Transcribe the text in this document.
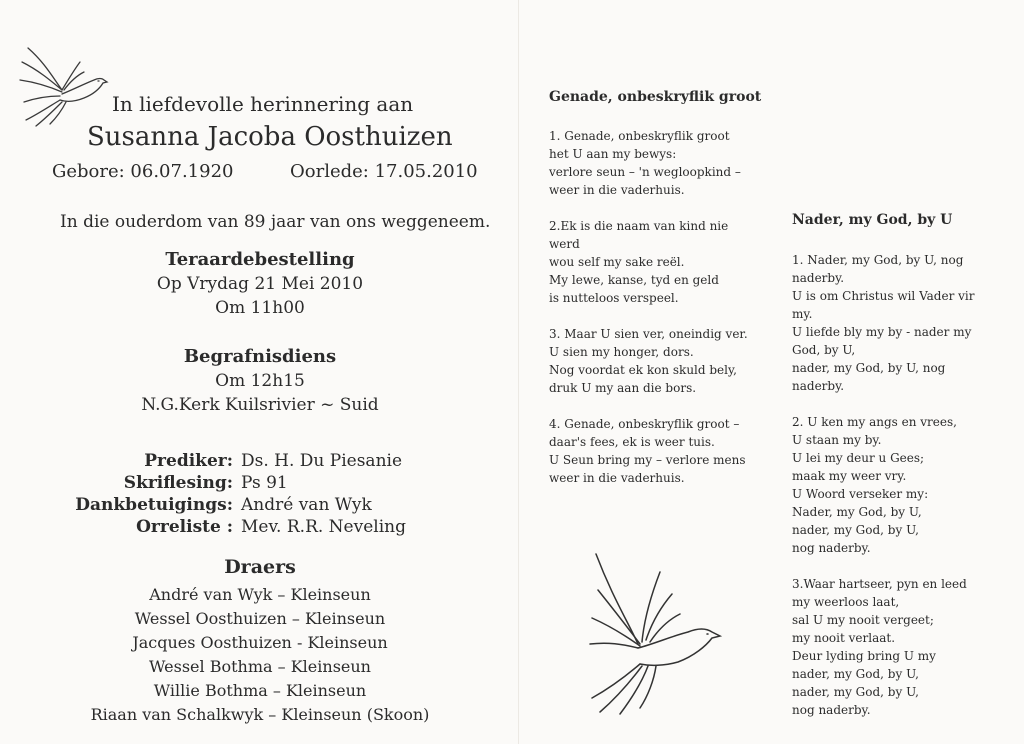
In liefdevolle herinnering aan
Susanna Jacoba Oosthuizen
Gebore: 06.07.1920	Oorlede: 17.05.2010
In die ouderdom van 89 jaar van ons weggeneem.
Teraardebestelling
Op Vrydag 21 Mei 2010
Om 11h00
Begrafnisdiens
Om 12h15
N.G.Kerk Kuilsrivier ~ Suid
Prediker: Ds. H. Du Piesanie
Skriflesing: Ps 91
Dankbetuigings: André van Wyk
Orreliste : Mev. R.R. Neveling
Draers
André van Wyk – Kleinseun
Wessel Oosthuizen – Kleinseun
Jacques Oosthuizen - Kleinseun
Wessel Bothma – Kleinseun
Willie Bothma – Kleinseun
Riaan van Schalkwyk – Kleinseun (Skoon)
Genade, onbeskryflik groot
1. Genade, onbeskryflik groot
het U aan my bewys:
verlore seun – 'n wegloopkind –
weer in die vaderhuis.
2.Ek is die naam van kind nie
werd
wou self my sake reël.
My lewe, kanse, tyd en geld
is nutteloos verspeel.
3. Maar U sien ver, oneindig ver.
U sien my honger, dors.
Nog voordat ek kon skuld bely,
druk U my aan die bors.
4. Genade, onbeskryflik groot –
daar's fees, ek is weer tuis.
U Seun bring my – verlore mens
weer in die vaderhuis.
Nader, my God, by U
1. Nader, my God, by U, nog
naderby.
U is om Christus wil Vader vir
my.
U liefde bly my by - nader my
God, by U,
nader, my God, by U, nog
naderby.
2. U ken my angs en vrees,
U staan my by.
U lei my deur u Gees;
maak my weer vry.
U Woord verseker my:
Nader, my God, by U,
nader, my God, by U,
nog naderby.
3.Waar hartseer, pyn en leed
my weerloos laat,
sal U my nooit vergeet;
my nooit verlaat.
Deur lyding bring U my
nader, my God, by U,
nader, my God, by U,
nog naderby.
